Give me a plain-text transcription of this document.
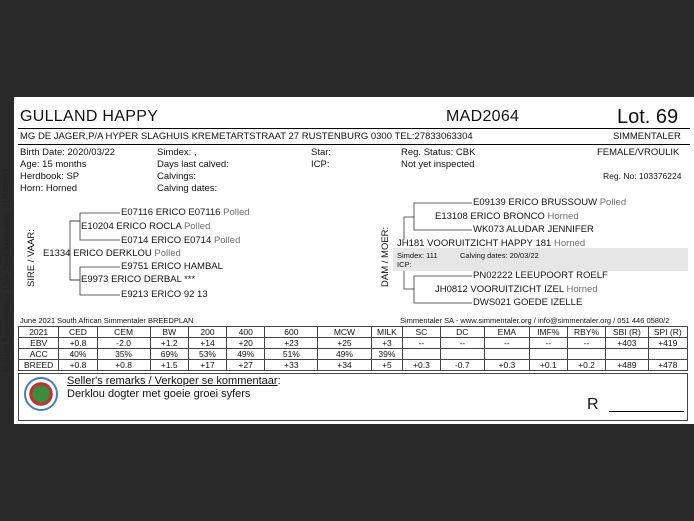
Gulland Simmentalers 13de Produksieveiling, 21/07/2021
GULLAND HAPPY	MAD2064	Lot. 69
MG DE JAGER,P/A HYPER SLAGHUIS KREMETARTSTRAAT 27 RUSTENBURG 0300 TEL:27833063304	SIMMENTALER
Birth Date: 2020/03/22
Age: 15 months
Herdbook: SP
Horn: Horned
Simdex: ,
Days last calved:
Calvings:
Calving dates:
Star:
ICP:
Reg. Status: CBK
Not yet inspected
FEMALE/VROULIK
Reg. No: 103376224
SIRE / VAAR:
E07116 ERICO E07116 Polled
E10204 ERICO ROCLA Polled
E0714 ERICO E0714 Polled
E1334 ERICO DERKLOU Polled
E9751 ERICO HAMBAL
E9973 ERICO DERBAL ***
E9213 ERICO 92 13
DAM / MOER:
E09139 ERICO BRUSSOUW Polled
E13108 ERICO BRONCO Horned
WK073 ALUDAR JENNIFER
JH181 VOORUITZICHT HAPPY 181 Horned
Simdex: 111	Calving dates: 20/03/22
ICP:
PN02222 LEEUPOORT ROELF
JH0812 VOORUITZICHT IZEL Horned
DWS021 GOEDE IZELLE
June 2021 South African Simmentaler BREEDPLAN	Simmentaler SA - www.simmentaler.org / info@simmentaler.org / 051 446 0580/2
2021	CED	CEM	BW	200	400	600	MCW	MILK	SC	DC	EMA	IMF%	RBY%	SBI (R)	SPI (R)
EBV	+0.8	-2.0	+1.2	+14	+20	+23	+25	+3	--	--	--	--	--	+403	+419
ACC	40%	35%	69%	53%	49%	51%	49%	39%							
BREED	+0.8	+0.8	+1.5	+17	+27	+33	+34	+5	+0.3	-0.7	+0.3	+0.1	+0.2	+489	+478
Seller's remarks / Verkoper se kommentaar:
Derklou dogter met goeie groei syfers
R
